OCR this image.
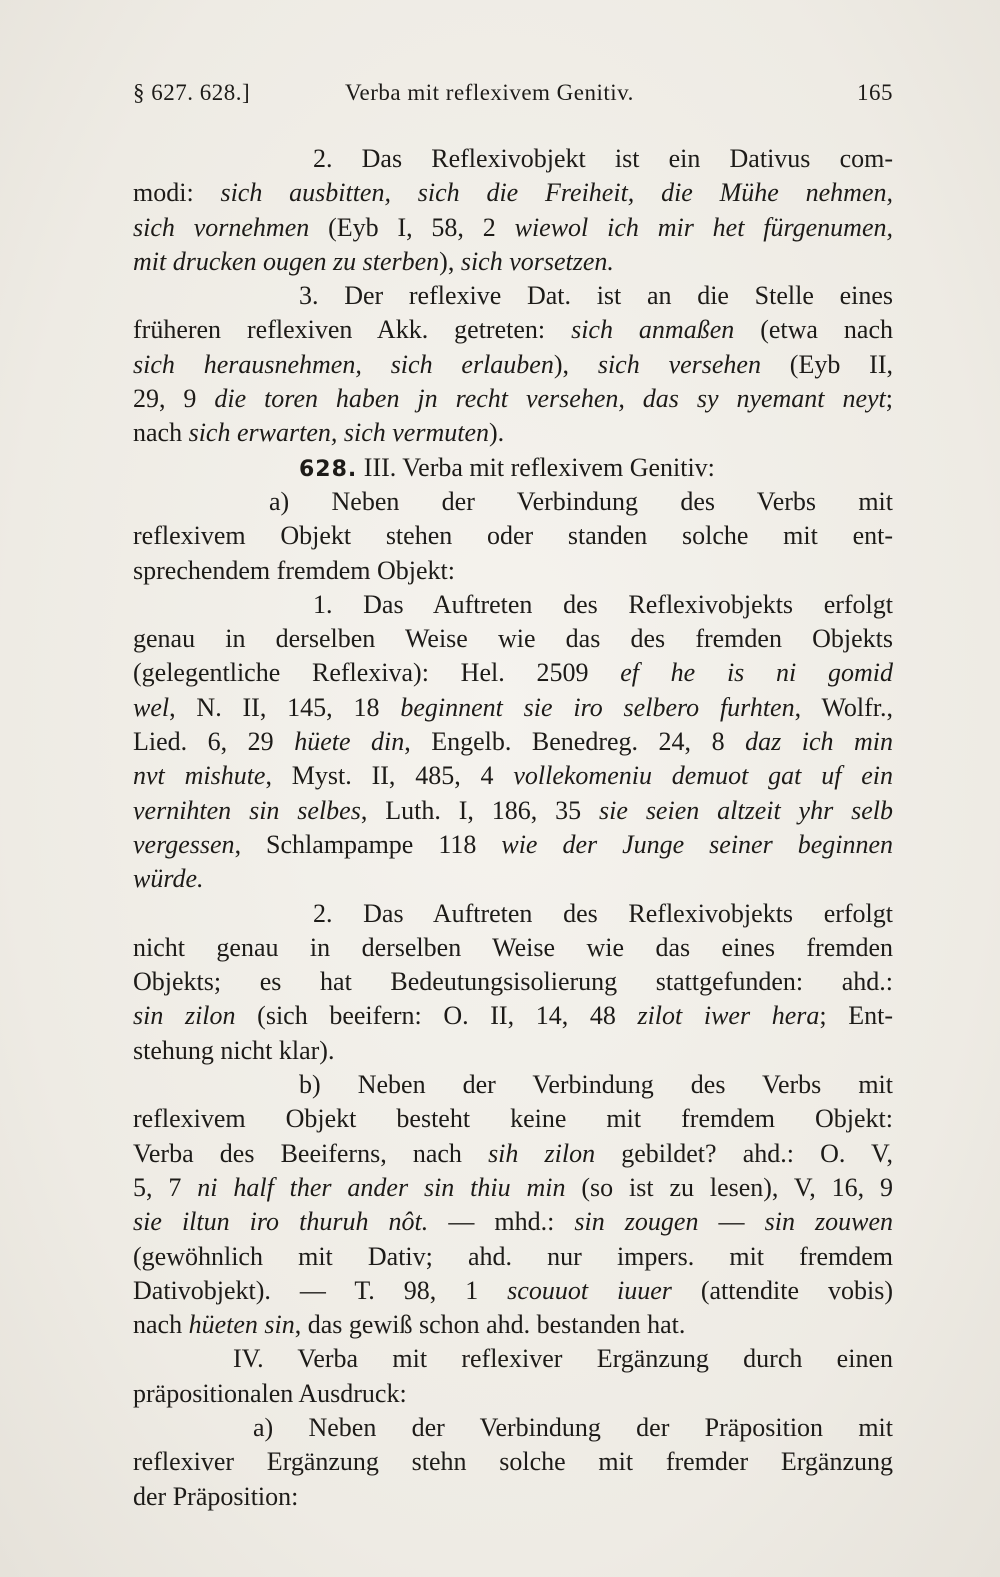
§ 627. 628.]	Verba mit reflexivem Genitiv.	165
2. Das Reflexivobjekt ist ein Dativus com-
modi: sich ausbitten, sich die Freiheit, die Mühe nehmen,
sich vornehmen (Eyb I, 58, 2 wiewol ich mir het fürgenumen,
mit drucken ougen zu sterben), sich vorsetzen.
3. Der reflexive Dat. ist an die Stelle eines
früheren reflexiven Akk. getreten: sich anmaßen (etwa nach
sich herausnehmen, sich erlauben), sich versehen (Eyb II,
29, 9 die toren haben jn recht versehen, das sy nyemant neyt;
nach sich erwarten, sich vermuten).
628. III. Verba mit reflexivem Genitiv:
a) Neben der Verbindung des Verbs mit
reflexivem Objekt stehen oder standen solche mit ent-
sprechendem fremdem Objekt:
1. Das Auftreten des Reflexivobjekts erfolgt
genau in derselben Weise wie das des fremden Objekts
(gelegentliche Reflexiva): Hel. 2509 ef he is ni gomid
wel, N. II, 145, 18 beginnent sie iro selbero furhten, Wolfr.,
Lied. 6, 29 hüete din, Engelb. Benedreg. 24, 8 daz ich min
nvt mishute, Myst. II, 485, 4 vollekomeniu demuot gat uf ein
vernihten sin selbes, Luth. I, 186, 35 sie seien altzeit yhr selb
vergessen, Schlampampe 118 wie der Junge seiner beginnen
würde.
2. Das Auftreten des Reflexivobjekts erfolgt
nicht genau in derselben Weise wie das eines fremden
Objekts; es hat Bedeutungsisolierung stattgefunden: ahd.:
sin zilon (sich beeifern: O. II, 14, 48 zilot iwer hera; Ent-
stehung nicht klar).
b) Neben der Verbindung des Verbs mit
reflexivem Objekt besteht keine mit fremdem Objekt:
Verba des Beeiferns, nach sih zilon gebildet? ahd.: O. V,
5, 7 ni half ther ander sin thiu min (so ist zu lesen), V, 16, 9
sie iltun iro thuruh nôt. — mhd.: sin zougen — sin zouwen
(gewöhnlich mit Dativ; ahd. nur impers. mit fremdem
Dativobjekt). — T. 98, 1 scouuot iuuer (attendite vobis)
nach hüeten sin, das gewiß schon ahd. bestanden hat.
IV. Verba mit reflexiver Ergänzung durch einen
präpositionalen Ausdruck:
a) Neben der Verbindung der Präposition mit
reflexiver Ergänzung stehn solche mit fremder Ergänzung
der Präposition:
